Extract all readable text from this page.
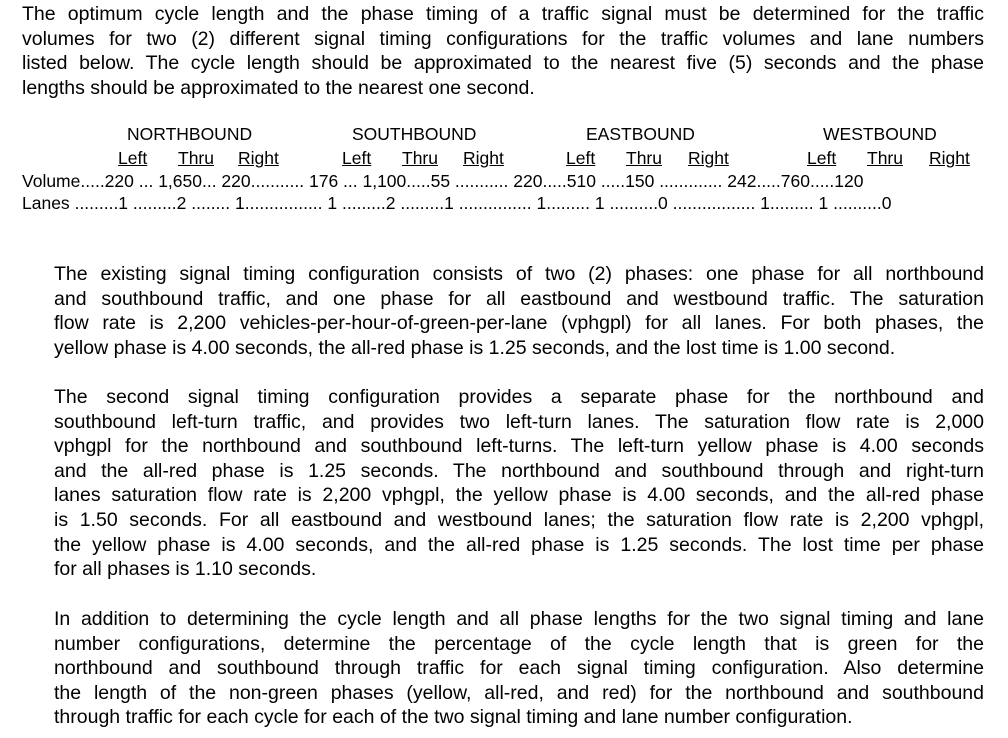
The optimum cycle length and the phase timing of a traffic signal must be determined for the traffic
volumes for two (2) different signal timing configurations for the traffic volumes and lane numbers
listed below. The cycle length should be approximated to the nearest five (5) seconds and the phase
lengths should be approximated to the nearest one second.

NORTHBOUND	SOUTHBOUND	EASTBOUND	WESTBOUND
Left Thru Right	Left Thru Right	Left Thru Right	Left Thru Right
Volume.....220 ... 1,650... 220........... 176 ... 1,100.....55 ........... 220.....510 .....150 ............. 242.....760.....120
Lanes .........1 .........2 ........ 1................ 1 .........2 .........1 ............... 1......... 1 ..........0 ................. 1......... 1 ..........0

The existing signal timing configuration consists of two (2) phases: one phase for all northbound
and southbound traffic, and one phase for all eastbound and westbound traffic. The saturation
flow rate is 2,200 vehicles-per-hour-of-green-per-lane (vphgpl) for all lanes. For both phases, the
yellow phase is 4.00 seconds, the all-red phase is 1.25 seconds, and the lost time is 1.00 second.

The second signal timing configuration provides a separate phase for the northbound and
southbound left-turn traffic, and provides two left-turn lanes. The saturation flow rate is 2,000
vphgpl for the northbound and southbound left-turns. The left-turn yellow phase is 4.00 seconds
and the all-red phase is 1.25 seconds. The northbound and southbound through and right-turn
lanes saturation flow rate is 2,200 vphgpl, the yellow phase is 4.00 seconds, and the all-red phase
is 1.50 seconds. For all eastbound and westbound lanes; the saturation flow rate is 2,200 vphgpl,
the yellow phase is 4.00 seconds, and the all-red phase is 1.25 seconds. The lost time per phase
for all phases is 1.10 seconds.

In addition to determining the cycle length and all phase lengths for the two signal timing and lane
number configurations, determine the percentage of the cycle length that is green for the
northbound and southbound through traffic for each signal timing configuration. Also determine
the length of the non-green phases (yellow, all-red, and red) for the northbound and southbound
through traffic for each cycle for each of the two signal timing and lane number configuration.
